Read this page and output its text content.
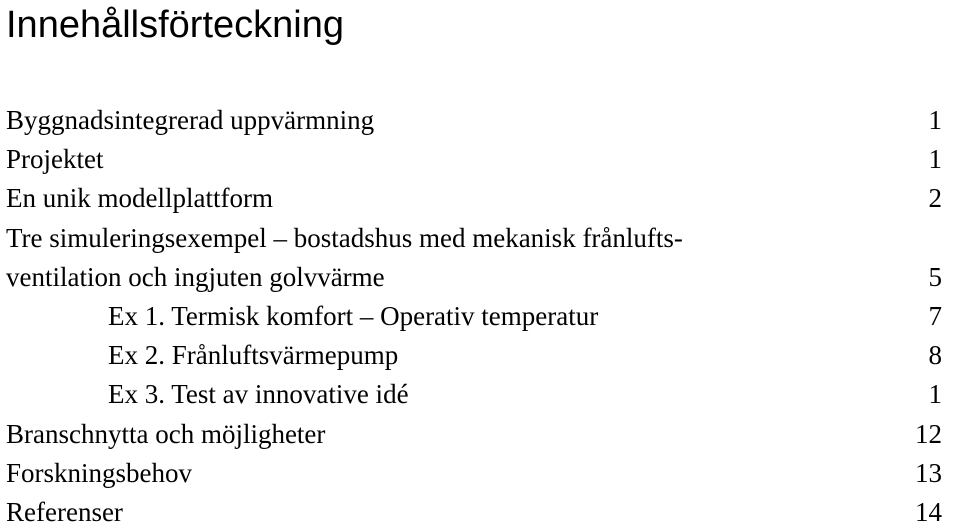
Innehållsförteckning
Byggnadsintegrerad uppvärmning	1
Projektet	1
En unik modellplattform	2
Tre simuleringsexempel – bostadshus med mekanisk frånlufts-
ventilation och ingjuten golvvärme	5
Ex 1. Termisk komfort – Operativ temperatur	7
Ex 2. Frånluftsvärmepump	8
Ex 3. Test av innovative idé	1
Branschnytta och möjligheter	12
Forskningsbehov	13
Referenser	14
